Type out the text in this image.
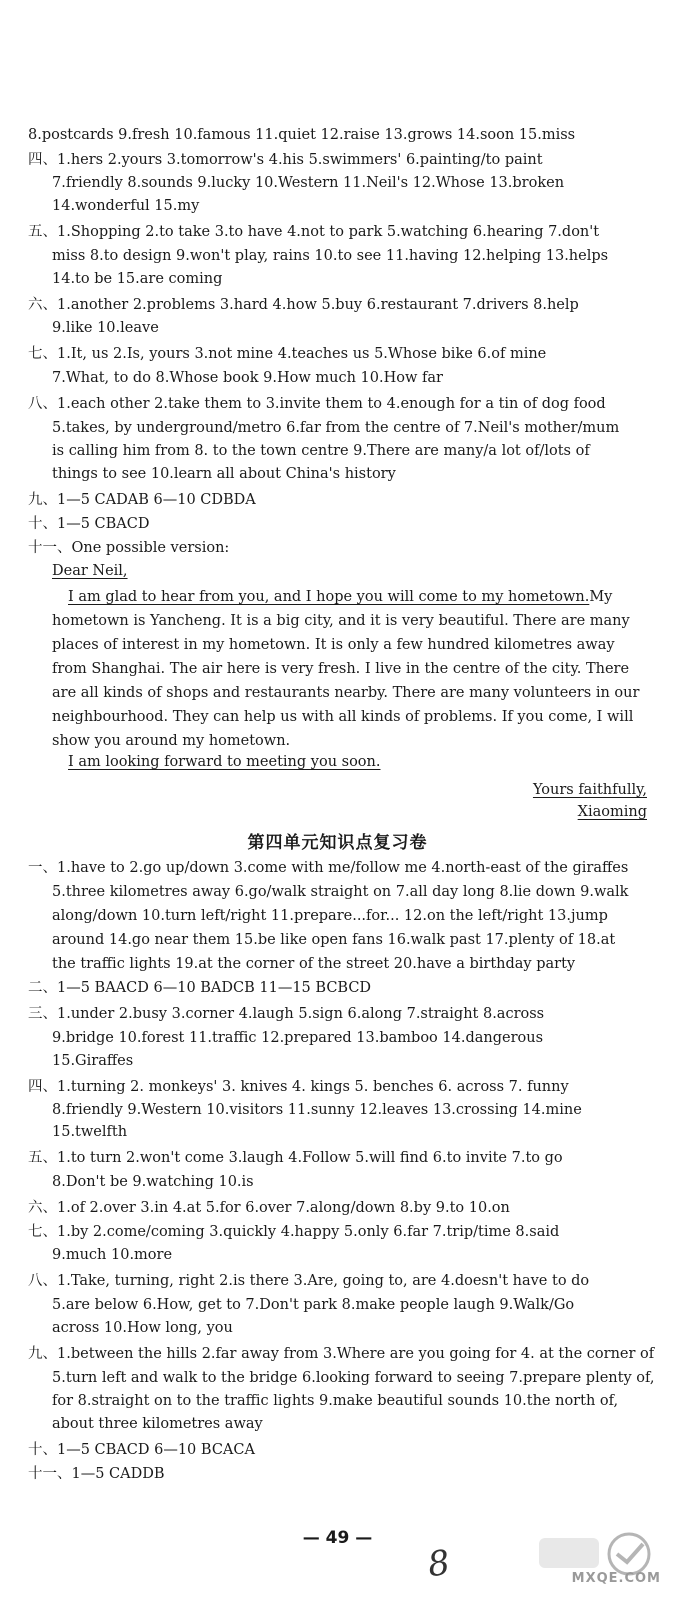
8.postcards 9.fresh 10.famous 11.quiet 12.raise 13.grows 14.soon 15.miss
四、1.hers 2.yours 3.tomorrow's 4.his 5.swimmers' 6.painting/to paint
7.friendly 8.sounds 9.lucky 10.Western 11.Neil's 12.Whose 13.broken
14.wonderful 15.my
五、1.Shopping 2.to take 3.to have 4.not to park 5.watching 6.hearing 7.don't
miss 8.to design 9.won't play, rains 10.to see 11.having 12.helping 13.helps
14.to be 15.are coming
六、1.another 2.problems 3.hard 4.how 5.buy 6.restaurant 7.drivers 8.help
9.like 10.leave
七、1.It, us 2.Is, yours 3.not mine 4.teaches us 5.Whose bike 6.of mine
7.What, to do 8.Whose book 9.How much 10.How far
八、1.each other 2.take them to 3.invite them to 4.enough for a tin of dog food
5.takes, by underground/metro 6.far from the centre of 7.Neil's mother/mum
is calling him from 8. to the town centre 9.There are many/a lot of/lots of
things to see 10.learn all about China's history
九、1—5 CADAB 6—10 CDBDA
十、1—5 CBACD
十一、One possible version:
Dear Neil,
I am glad to hear from you, and I hope you will come to my hometown.My
hometown is Yancheng. It is a big city, and it is very beautiful. There are many
places of interest in my hometown. It is only a few hundred kilometres away
from Shanghai. The air here is very fresh. I live in the centre of the city. There
are all kinds of shops and restaurants nearby. There are many volunteers in our
neighbourhood. They can help us with all kinds of problems. If you come, I will
show you around my hometown.
I am looking forward to meeting you soon.
Yours faithfully,
Xiaoming
第四单元知识点复习卷
一、1.have to 2.go up/down 3.come with me/follow me 4.north-east of the giraffes
5.three kilometres away 6.go/walk straight on 7.all day long 8.lie down 9.walk
along/down 10.turn left/right 11.prepare...for... 12.on the left/right 13.jump
around 14.go near them 15.be like open fans 16.walk past 17.plenty of 18.at
the traffic lights 19.at the corner of the street 20.have a birthday party
二、1—5 BAACD 6—10 BADCB 11—15 BCBCD
三、1.under 2.busy 3.corner 4.laugh 5.sign 6.along 7.straight 8.across
9.bridge 10.forest 11.traffic 12.prepared 13.bamboo 14.dangerous
15.Giraffes
四、1.turning 2. monkeys' 3. knives 4. kings 5. benches 6. across 7. funny
8.friendly 9.Western 10.visitors 11.sunny 12.leaves 13.crossing 14.mine
15.twelfth
五、1.to turn 2.won't come 3.laugh 4.Follow 5.will find 6.to invite 7.to go
8.Don't be 9.watching 10.is
六、1.of 2.over 3.in 4.at 5.for 6.over 7.along/down 8.by 9.to 10.on
七、1.by 2.come/coming 3.quickly 4.happy 5.only 6.far 7.trip/time 8.said
9.much 10.more
八、1.Take, turning, right 2.is there 3.Are, going to, are 4.doesn't have to do
5.are below 6.How, get to 7.Don't park 8.make people laugh 9.Walk/Go
across 10.How long, you
九、1.between the hills 2.far away from 3.Where are you going for 4. at the corner of
5.turn left and walk to the bridge 6.looking forward to seeing 7.prepare plenty of,
for 8.straight on to the traffic lights 9.make beautiful sounds 10.the north of,
about three kilometres away
十、1—5 CBACD 6—10 BCACA
十一、1—5 CADDB
— 49 —
8	MXQE.COM
